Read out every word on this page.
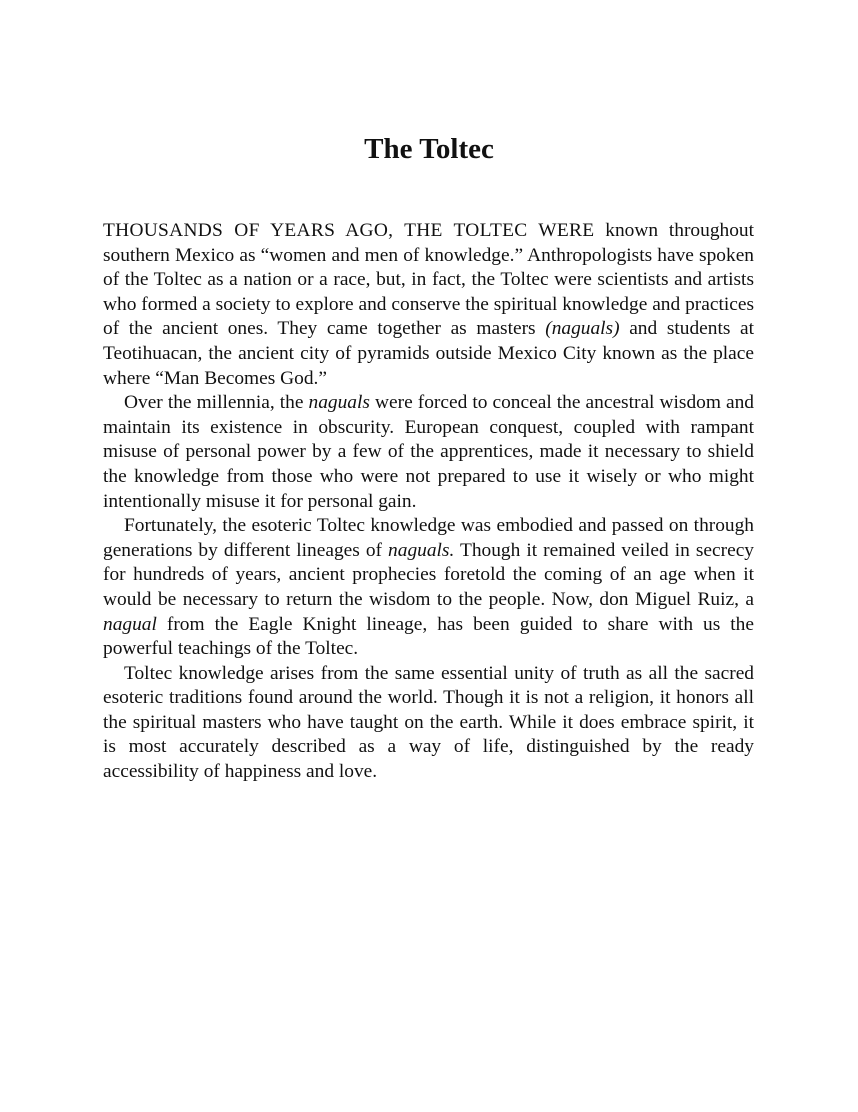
The Toltec

THOUSANDS OF YEARS AGO, THE TOLTEC WERE known throughout southern Mexico as “women and men of knowledge.” Anthropologists have spoken of the Toltec as a nation or a race, but, in fact, the Toltec were scientists and artists who formed a society to explore and conserve the spiritual knowledge and practices of the ancient ones. They came together as masters (naguals) and students at Teotihuacan, the ancient city of pyramids outside Mexico City known as the place where “Man Becomes God.”

Over the millennia, the naguals were forced to conceal the ancestral wisdom and maintain its existence in obscurity. European conquest, coupled with rampant misuse of personal power by a few of the apprentices, made it necessary to shield the knowledge from those who were not prepared to use it wisely or who might intentionally misuse it for personal gain.

Fortunately, the esoteric Toltec knowledge was embodied and passed on through generations by different lineages of naguals. Though it remained veiled in secrecy for hundreds of years, ancient prophecies foretold the coming of an age when it would be necessary to return the wisdom to the people. Now, don Miguel Ruiz, a nagual from the Eagle Knight lineage, has been guided to share with us the powerful teachings of the Toltec.

Toltec knowledge arises from the same essential unity of truth as all the sacred esoteric traditions found around the world. Though it is not a religion, it honors all the spiritual masters who have taught on the earth. While it does embrace spirit, it is most accurately described as a way of life, distinguished by the ready accessibility of happiness and love.
